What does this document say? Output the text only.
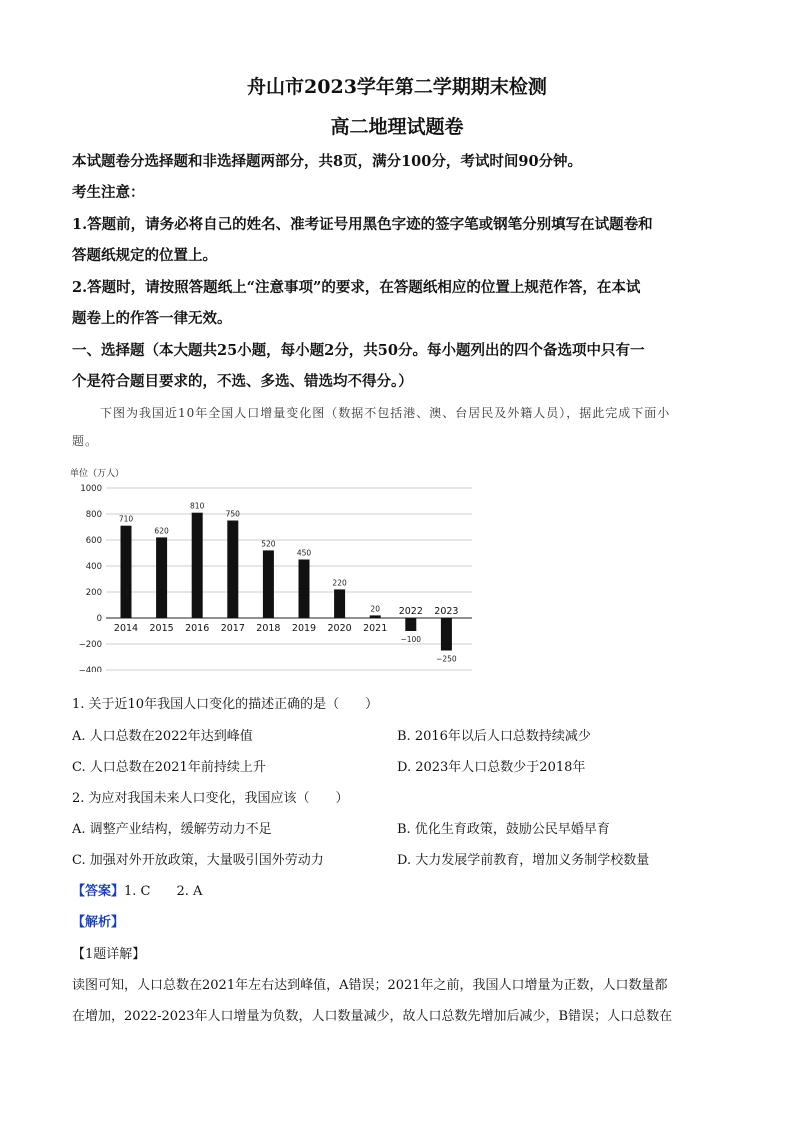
舟山市2023学年第二学期期末检测
高二地理试题卷
本试题卷分选择题和非选择题两部分，共8页，满分100分，考试时间90分钟。
考生注意：
1.答题前，请务必将自己的姓名、准考证号用黑色字迹的签字笔或钢笔分别填写在试题卷和
答题纸规定的位置上。
2.答题时，请按照答题纸上“注意事项”的要求，在答题纸相应的位置上规范作答，在本试
题卷上的作答一律无效。
一、选择题（本大题共25小题，每小题2分，共50分。每小题列出的四个备选项中只有一
个是符合题目要求的，不选、多选、错选均不得分。）
下图为我国近10年全国人口增量变化图（数据不包括港、澳、台居民及外籍人员），据此完成下面小
题。
单位（万人）
1000
800
600
400
200
0
−200
−400
710
2014
620
2015
810
2016
750
2017
520
2018
450
2019
220
2020
20
2021
−100
2022
−250
2023
1. 关于近10年我国人口变化的描述正确的是（　　）
A. 人口总数在2022年达到峰值	B. 2016年以后人口总数持续减少
C. 人口总数在2021年前持续上升	D. 2023年人口总数少于2018年
2. 为应对我国未来人口变化，我国应该（　　）
A. 调整产业结构，缓解劳动力不足	B. 优化生育政策，鼓励公民早婚早育
C. 加强对外开放政策，大量吸引国外劳动力	D. 大力发展学前教育，增加义务制学校数量
【答案】1. C　　2. A
【解析】
【1题详解】
读图可知，人口总数在2021年左右达到峰值，A错误；2021年之前，我国人口增量为正数，人口数量都
在增加，2022-2023年人口增量为负数，人口数量减少，故人口总数先增加后减少，B错误；人口总数在
